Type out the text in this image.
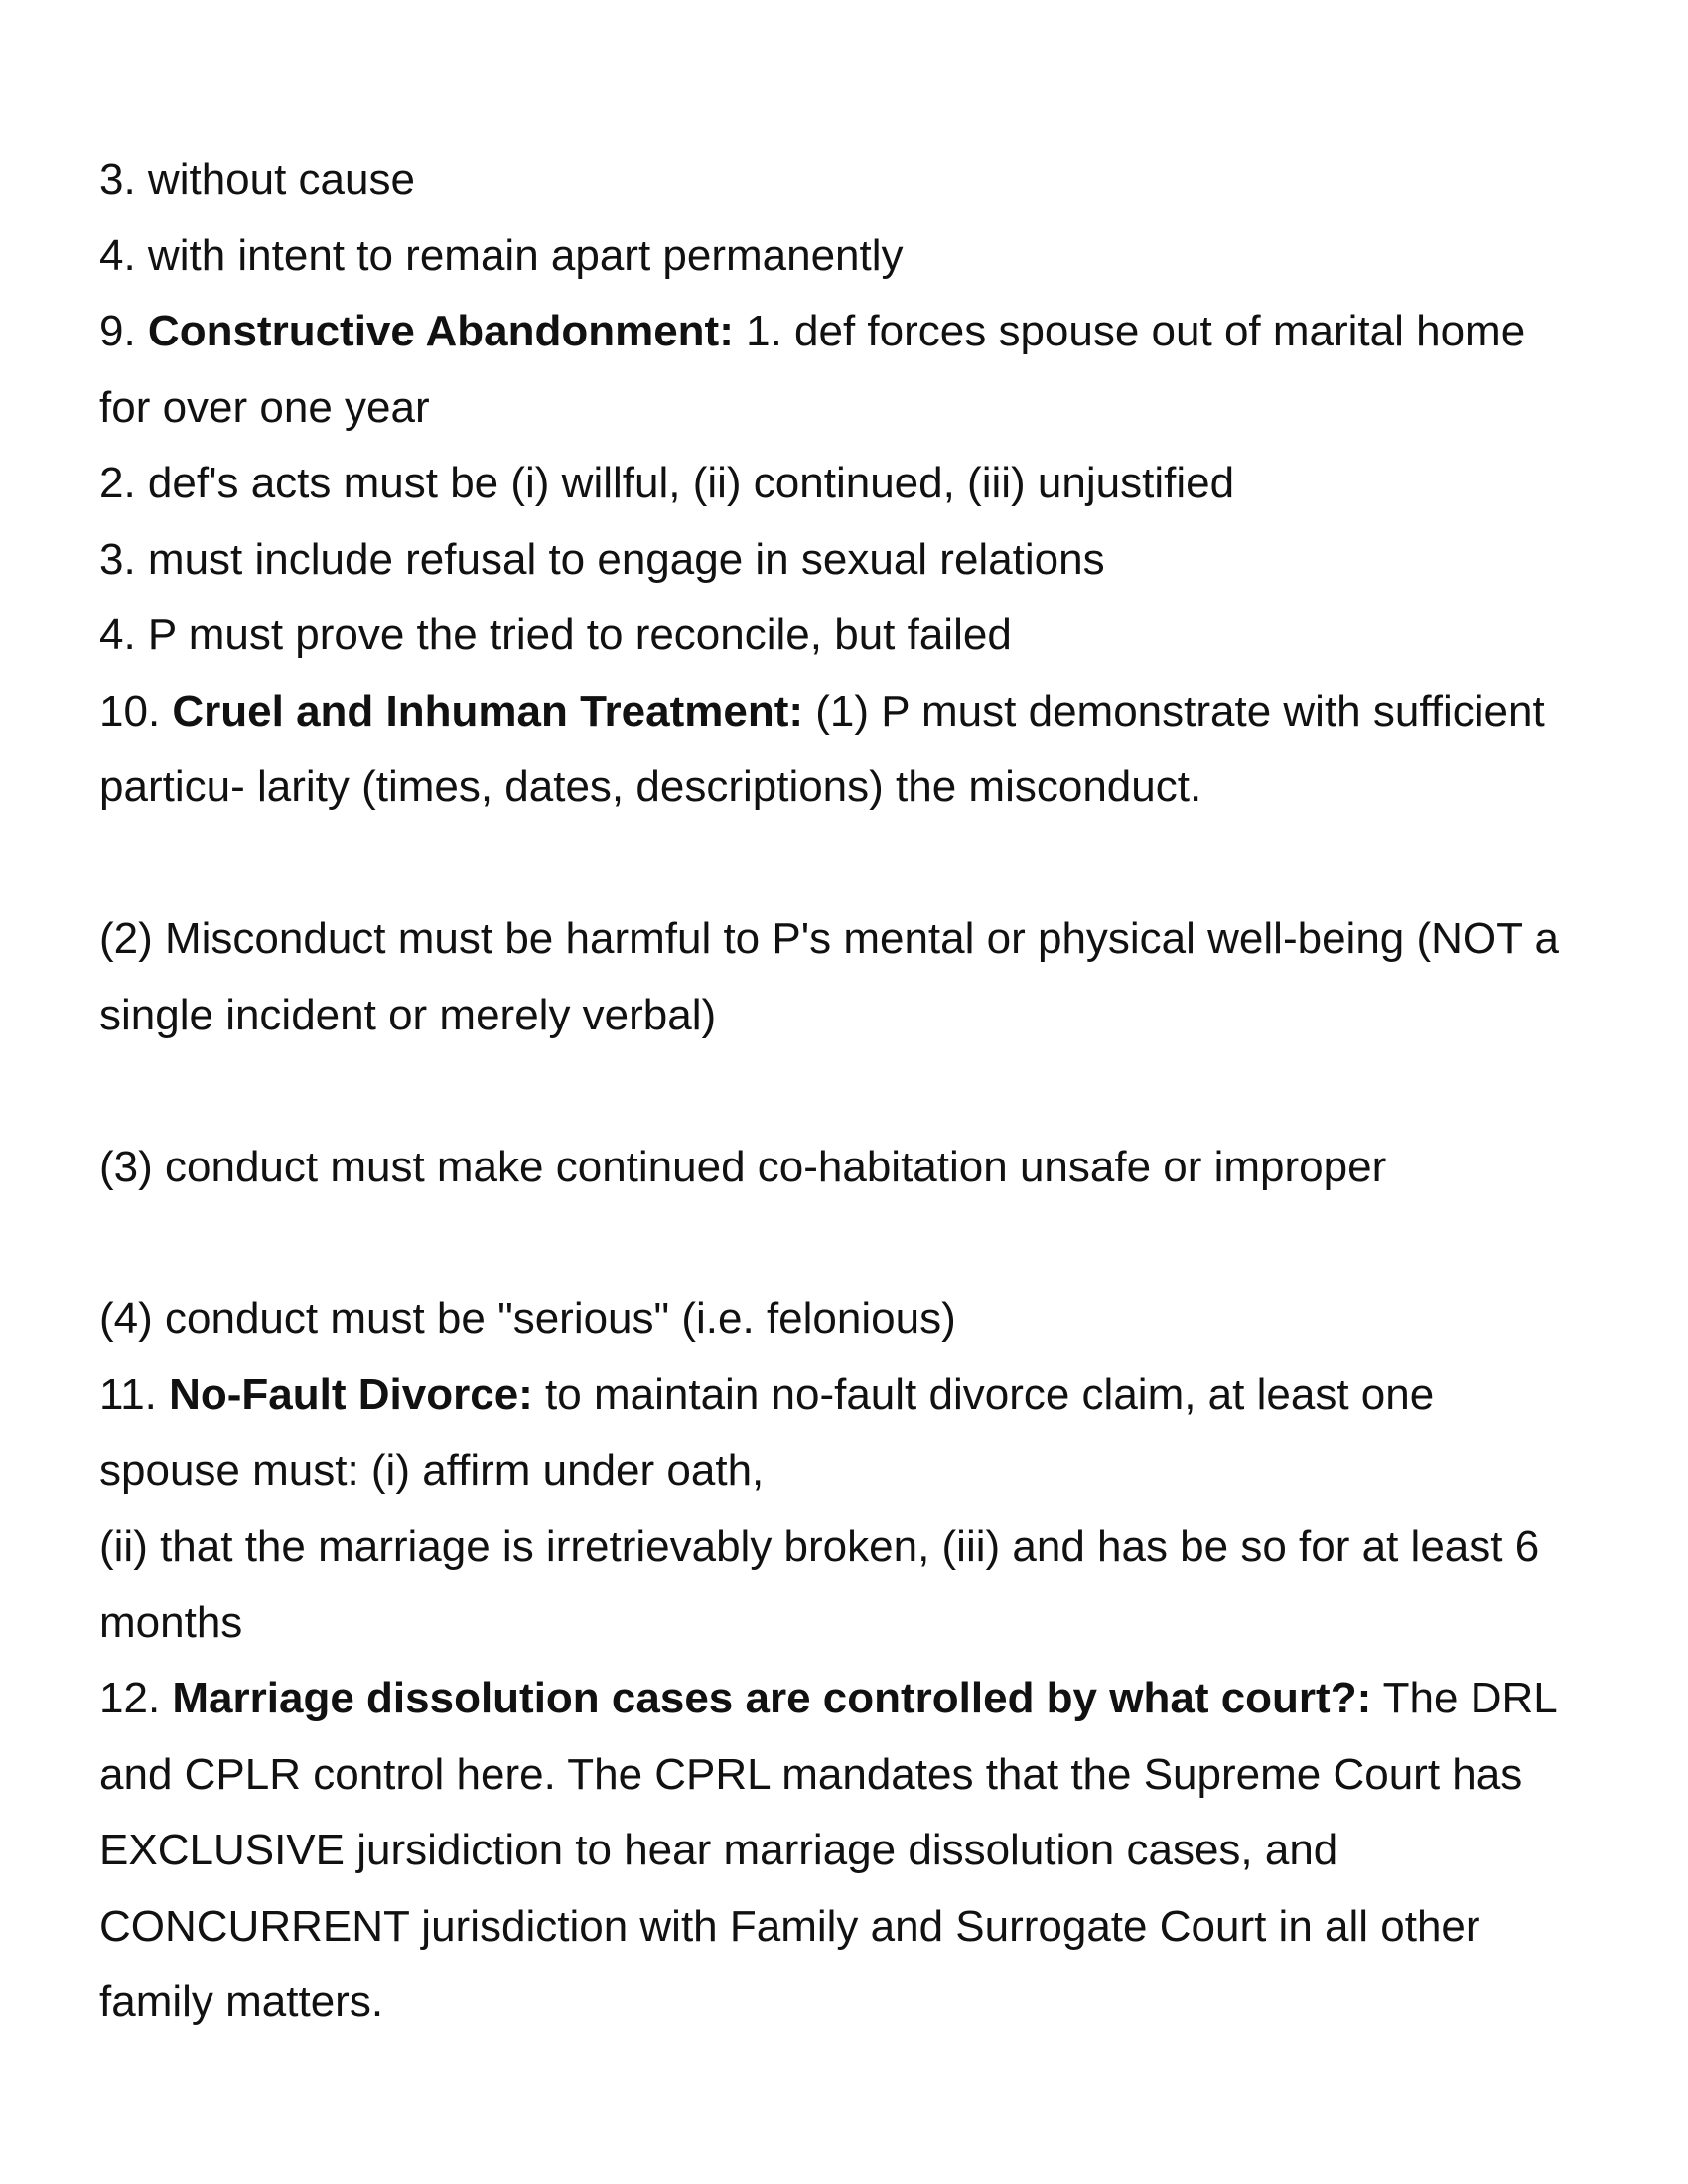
3. without cause

4. with intent to remain apart permanently

9. Constructive Abandonment: 1. def forces spouse out of marital home

for over one year

2. def's acts must be (i) willful, (ii) continued, (iii) unjustified

3. must include refusal to engage in sexual relations

4. P must prove the tried to reconcile, but failed

10. Cruel and Inhuman Treatment: (1) P must demonstrate with sufficient

particu- larity (times, dates, descriptions) the misconduct.

(2) Misconduct must be harmful to P's mental or physical well-being (NOT a

single incident or merely verbal)

(3) conduct must make continued co-habitation unsafe or improper

(4) conduct must be "serious" (i.e. felonious)

11. No-Fault Divorce: to maintain no-fault divorce claim, at least one

spouse must: (i) affirm under oath,

(ii) that the marriage is irretrievably broken, (iii) and has be so for at least 6

months

12. Marriage dissolution cases are controlled by what court?: The DRL

and CPLR control here. The CPRL mandates that the Supreme Court has

EXCLUSIVE jursidiction to hear marriage dissolution cases, and

CONCURRENT jurisdiction with Family and Surrogate Court in all other

family matters.
